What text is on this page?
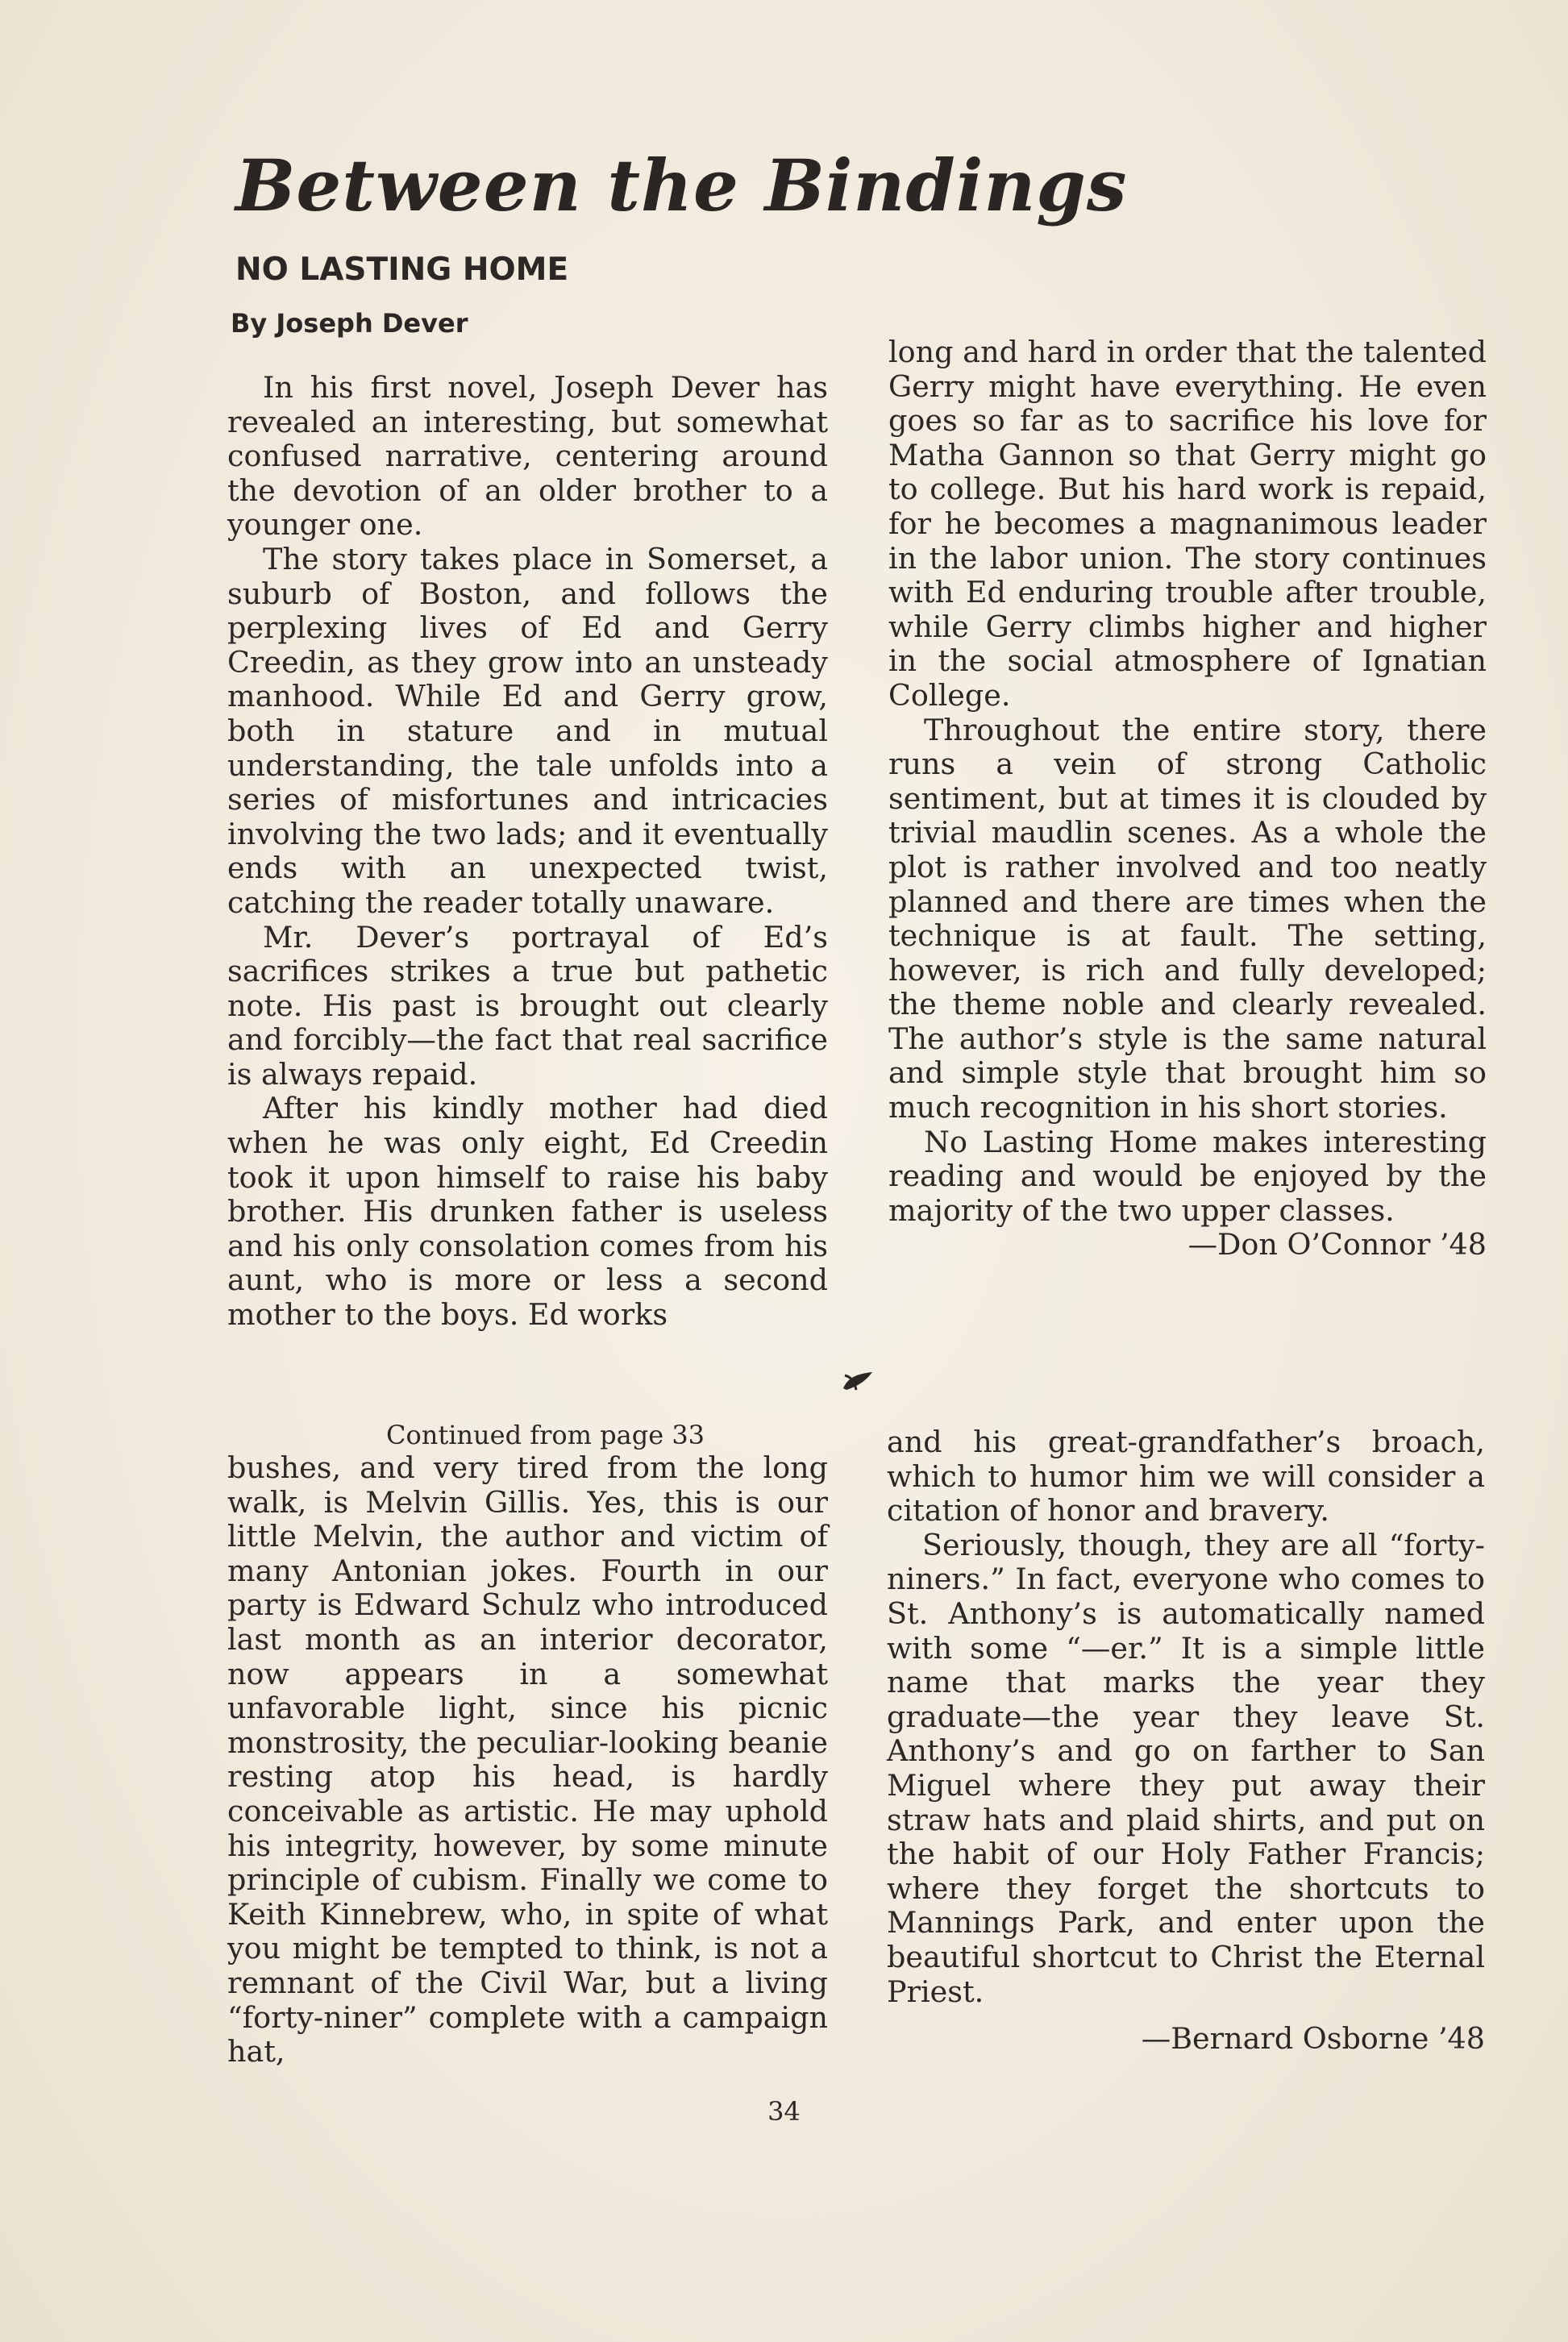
Between the Bindings
NO LASTING HOME
By Joseph Dever

In his first novel, Joseph Dever has revealed an interesting, but somewhat confused narrative, centering around the devotion of an older brother to a younger one.

The story takes place in Somerset, a suburb of Boston, and follows the perplexing lives of Ed and Gerry Creedin, as they grow into an unsteady manhood. While Ed and Gerry grow, both in stature and in mutual understanding, the tale unfolds into a series of misfortunes and intricacies involving the two lads; and it eventually ends with an unexpected twist, catching the reader totally unaware.

Mr. Dever’s portrayal of Ed’s sacrifices strikes a true but pathetic note. His past is brought out clearly and forcibly—the fact that real sacrifice is always repaid.

After his kindly mother had died when he was only eight, Ed Creedin took it upon himself to raise his baby brother. His drunken father is useless and his only consolation comes from his aunt, who is more or less a second mother to the boys. Ed works

long and hard in order that the talented Gerry might have everything. He even goes so far as to sacrifice his love for Matha Gannon so that Gerry might go to college. But his hard work is repaid, for he becomes a magnanimous leader in the labor union. The story continues with Ed enduring trouble after trouble, while Gerry climbs higher and higher in the social atmosphere of Ignatian College.

Throughout the entire story, there runs a vein of strong Catholic sentiment, but at times it is clouded by trivial maudlin scenes. As a whole the plot is rather involved and too neatly planned and there are times when the technique is at fault. The setting, however, is rich and fully developed; the theme noble and clearly revealed. The author’s style is the same natural and simple style that brought him so much recognition in his short stories.

No Lasting Home makes interesting reading and would be enjoyed by the majority of the two upper classes.

—Don O’Connor ’48

Continued from page 33

bushes, and very tired from the long walk, is Melvin Gillis. Yes, this is our little Melvin, the author and victim of many Antonian jokes. Fourth in our party is Edward Schulz who introduced last month as an interior decorator, now appears in a somewhat unfavorable light, since his picnic monstrosity, the peculiar-looking beanie resting atop his head, is hardly conceivable as artistic. He may uphold his integrity, however, by some minute principle of cubism. Finally we come to Keith Kinnebrew, who, in spite of what you might be tempted to think, is not a remnant of the Civil War, but a living “forty-niner” complete with a campaign hat,

and his great-grandfather’s broach, which to humor him we will consider a citation of honor and bravery.

Seriously, though, they are all “forty-niners.” In fact, everyone who comes to St. Anthony’s is automatically named with some “—er.” It is a simple little name that marks the year they graduate—the year they leave St. Anthony’s and go on farther to San Miguel where they put away their straw hats and plaid shirts, and put on the habit of our Holy Father Francis; where they forget the shortcuts to Mannings Park, and enter upon the beautiful shortcut to Christ the Eternal Priest.

—Bernard Osborne ’48

34
